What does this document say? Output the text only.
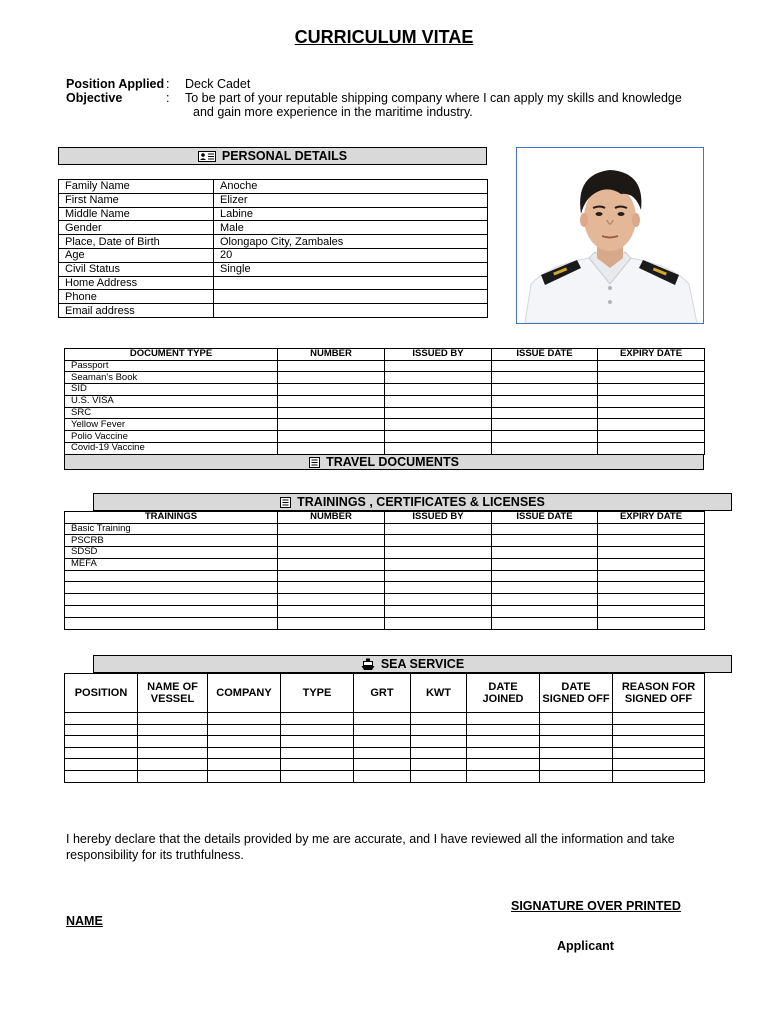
CURRICULUM VITAE
Position Applied : Deck Cadet
Objective	: To be part of your reputable shipping company where I can apply my skills and knowledge
and gain more experience in the maritime industry.
PERSONAL DETAILS
Family Name	Anoche
First Name	Elizer
Middle Name	Labine
Gender	Male
Place, Date of Birth	Olongapo City, Zambales
Age	20
Civil Status	Single
Home Address	
Phone	
Email address	
DOCUMENT TYPE	NUMBER	ISSUED BY	ISSUE DATE	EXPIRY DATE
Passport				
Seaman's Book				
SID				
U.S. VISA				
SRC				
Yellow Fever				
Polio Vaccine				
Covid-19 Vaccine				
TRAVEL DOCUMENTS
TRAININGS , CERTIFICATES & LICENSES
TRAININGS	NUMBER	ISSUED BY	ISSUE DATE	EXPIRY DATE
Basic Training				
PSCRB				
SDSD				
MEFA				

SEA SERVICE
POSITION	NAME OF VESSEL	COMPANY	TYPE	GRT	KWT	DATE JOINED	DATE SIGNED OFF	REASON FOR SIGNED OFF

I hereby declare that the details provided by me are accurate, and I have reviewed all the information and take
responsibility for its truthfulness.
SIGNATURE OVER PRINTED
NAME
Applicant
